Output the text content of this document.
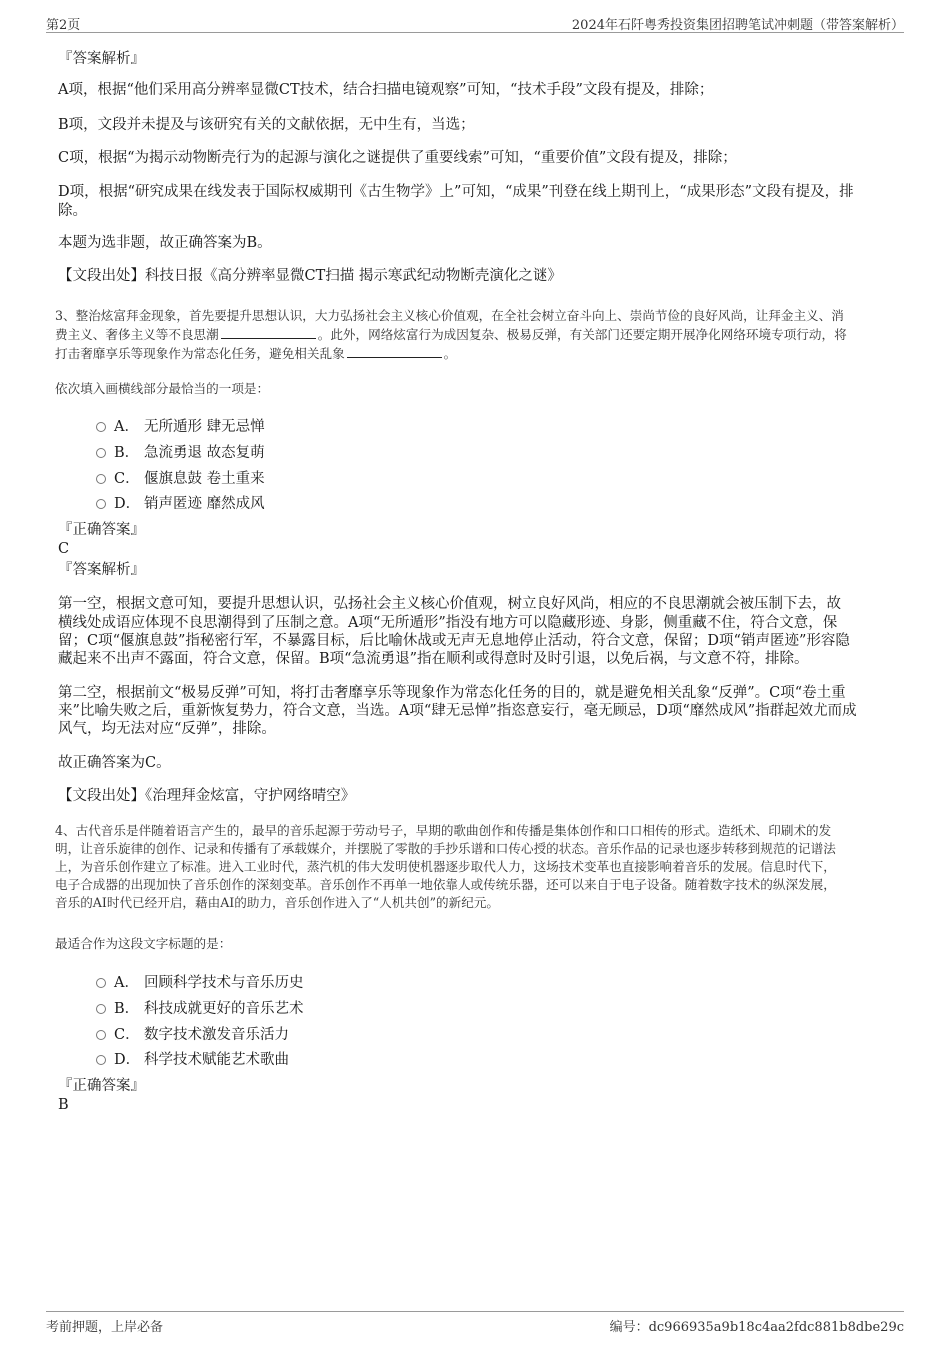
第2页	2024年石阡粤秀投资集团招聘笔试冲刺题（带答案解析）
『答案解析』
A项，根据“他们采用高分辨率显微CT技术，结合扫描电镜观察”可知，“技术手段”文段有提及，排除；
B项，文段并未提及与该研究有关的文献依据，无中生有，当选；
C项，根据“为揭示动物断壳行为的起源与演化之谜提供了重要线索”可知，“重要价值”文段有提及，排除；
D项，根据“研究成果在线发表于国际权威期刊《古生物学》上”可知，“成果”刊登在线上期刊上，“成果形态”文段有提及，排
除。
本题为选非题，故正确答案为B。
【文段出处】科技日报《高分辨率显微CT扫描 揭示寒武纪动物断壳演化之谜》
3、整治炫富拜金现象，首先要提升思想认识，大力弘扬社会主义核心价值观，在全社会树立奋斗向上、崇尚节俭的良好风尚，让拜金主义、消
费主义、奢侈主义等不良思潮	。此外，网络炫富行为成因复杂、极易反弹，有关部门还要定期开展净化网络环境专项行动，将
打击奢靡享乐等现象作为常态化任务，避免相关乱象	。
依次填入画横线部分最恰当的一项是：
A． 无所遁形 肆无忌惮
B． 急流勇退 故态复萌
C． 偃旗息鼓 卷土重来
D． 销声匿迹 靡然成风
『正确答案』
C
『答案解析』
第一空，根据文意可知，要提升思想认识，弘扬社会主义核心价值观，树立良好风尚，相应的不良思潮就会被压制下去，故
横线处成语应体现不良思潮得到了压制之意。A项“无所遁形”指没有地方可以隐藏形迹、身影，侧重藏不住，符合文意，保
留；C项“偃旗息鼓”指秘密行军，不暴露目标，后比喻休战或无声无息地停止活动，符合文意，保留；D项“销声匿迹”形容隐
藏起来不出声不露面，符合文意，保留。B项“急流勇退”指在顺利或得意时及时引退，以免后祸，与文意不符，排除。
第二空，根据前文“极易反弹”可知，将打击奢靡享乐等现象作为常态化任务的目的，就是避免相关乱象“反弹”。C项“卷土重
来”比喻失败之后，重新恢复势力，符合文意，当选。A项“肆无忌惮”指恣意妄行，毫无顾忌，D项“靡然成风”指群起效尤而成
风气，均无法对应“反弹”，排除。
故正确答案为C。
【文段出处】《治理拜金炫富，守护网络晴空》
4、古代音乐是伴随着语言产生的，最早的音乐起源于劳动号子，早期的歌曲创作和传播是集体创作和口口相传的形式。造纸术、印刷术的发
明，让音乐旋律的创作、记录和传播有了承载媒介，并摆脱了零散的手抄乐谱和口传心授的状态。音乐作品的记录也逐步转移到规范的记谱法
上，为音乐创作建立了标准。进入工业时代，蒸汽机的伟大发明使机器逐步取代人力，这场技术变革也直接影响着音乐的发展。信息时代下，
电子合成器的出现加快了音乐创作的深刻变革。音乐创作不再单一地依靠人或传统乐器，还可以来自于电子设备。随着数字技术的纵深发展，
音乐的AI时代已经开启，藉由AI的助力，音乐创作进入了“人机共创”的新纪元。
最适合作为这段文字标题的是：
A． 回顾科学技术与音乐历史
B． 科技成就更好的音乐艺术
C． 数字技术激发音乐活力
D． 科学技术赋能艺术歌曲
『正确答案』
B
考前押题，上岸必备	编号：dc966935a9b18c4aa2fdc881b8dbe29c
